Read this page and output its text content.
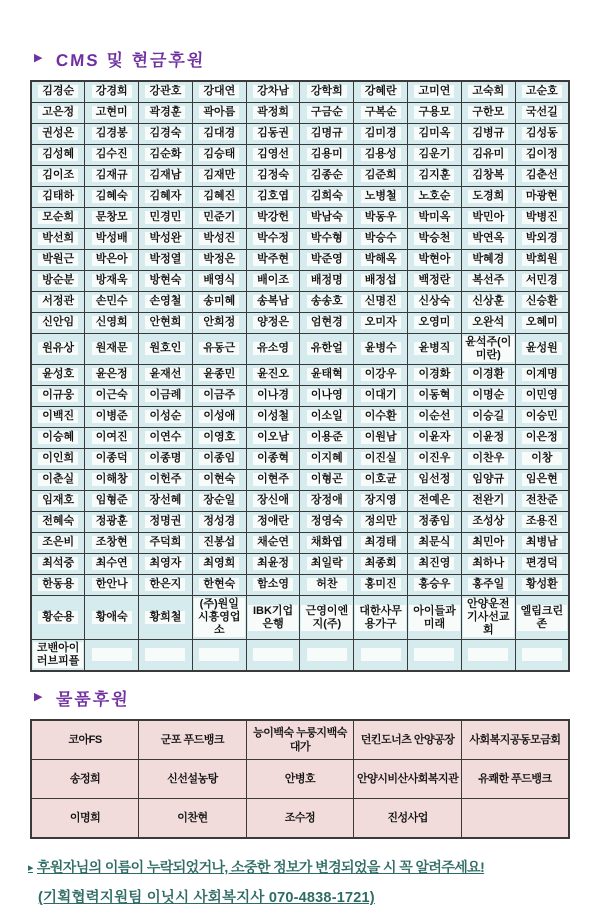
▶ CMS 및 현금후원
김경순	강경희	강관호	강대연	강차남	강학희	강혜란	고미연	고숙희	고순호
고은정	고현미	곽경훈	곽아름	곽정희	구금순	구복순	구용모	구한모	국선길
권성은	김경봉	김경숙	김대경	김동권	김명규	김미경	김미옥	김병규	김성동
김성혜	김수진	김순화	김승태	김영선	김용미	김용성	김운기	김유미	김이정
김이조	김재규	김재남	김재만	김정숙	김종순	김준희	김지훈	김창복	김춘선
김태하	김혜숙	김혜자	김혜진	김호엽	김희숙	노병철	노호순	도경희	마광현
모순희	문창모	민경민	민준기	박강헌	박남숙	박동우	박미옥	박민아	박병진
박선희	박성배	박성완	박성진	박수정	박수형	박승수	박승천	박연옥	박외경
박원근	박은아	박정열	박정은	박주현	박준영	박해옥	박현아	박혜경	박희원
방순분	방재욱	방현숙	배영식	배이조	배정명	배정섭	백정란	복선주	서민경
서정관	손민수	손영철	송미혜	송복남	송송호	신명진	신상숙	신상훈	신승환
신안임	신영희	안현희	안희정	양정은	엄현경	오미자	오영미	오완석	오혜미
원유상	원재문	원호인	유동근	유소영	유한얼	윤병수	윤병직	윤석주(이미란)	윤성원
윤성호	윤은정	윤재선	윤종민	윤진오	윤태혁	이강우	이경화	이경환	이계명
이규웅	이근숙	이금례	이금주	이나경	이나영	이대기	이동혁	이명순	이민영
이백진	이병준	이성순	이성애	이성철	이소일	이수환	이순선	이승길	이승민
이승혜	이여진	이연수	이영호	이오남	이용준	이원남	이윤자	이윤정	이은정
이인희	이종덕	이종명	이종임	이종혁	이지혜	이진실	이진우	이찬우	이창
이춘실	이해창	이헌주	이현숙	이현주	이형곤	이호균	임선정	임양규	임은현
임재호	임형준	장선혜	장순일	장신애	장정애	장지영	전예은	전완기	전찬준
전혜숙	정광훈	정명권	정성경	정애란	정영숙	정의만	정종임	조성상	조용진
조은비	조창현	주덕희	진봉섭	채순연	채화엽	최경태	최문식	최민아	최병남
최석중	최수연	최영자	최영희	최윤정	최일락	최종회	최진영	최하나	편경덕
한동용	한안나	한은지	한현숙	함소영	허찬	홍미진	홍승우	홍주일	황성환
황순용	황애숙	황희철	(주)원일시흥영업소	IBK기업은행	근영이엔지(주)	대한사무용가구	아이들과미래	안양운전기사선교회	엘림크린존
코밴아이러브피플									
▶ 물품후원
코아FS	군포 푸드뱅크	능이백숙 누룽지백숙 대가	던킨도너츠 안양공장	사회복지공동모금회
송정희	신선설농탕	안병호	안양시비산사회복지관	유쾌한 푸드뱅크
이명희	이찬현	조수정	진성사업	
▸ 후원자님의 이름이 누락되었거나, 소중한 정보가 변경되었을 시 꼭 알려주세요!
(기획협력지원팀 이닛시 사회복지사 070-4838-1721)
